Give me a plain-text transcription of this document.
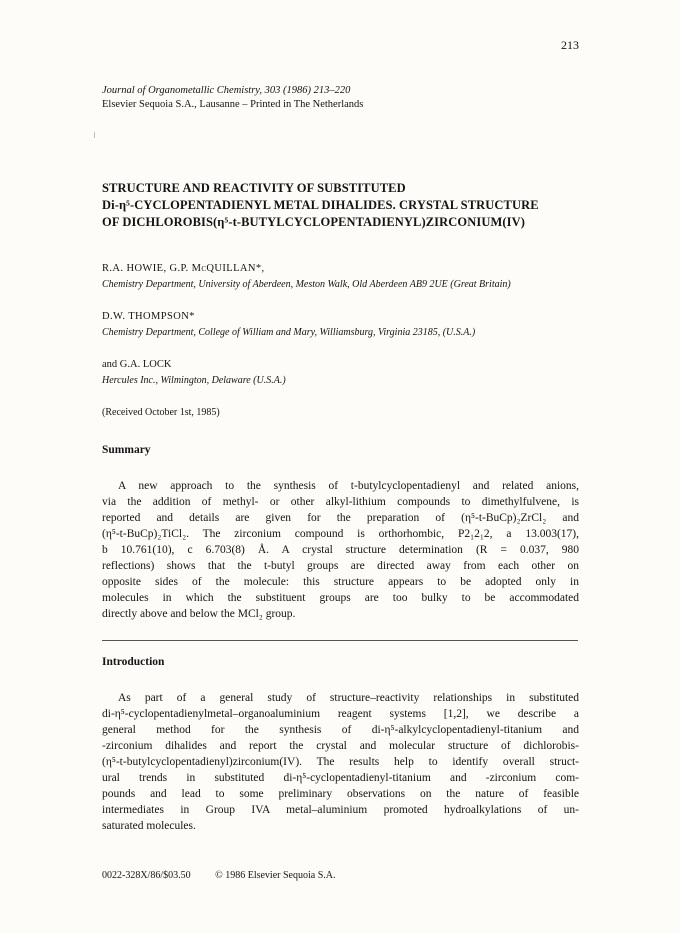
213
Journal of Organometallic Chemistry, 303 (1986) 213–220
Elsevier Sequoia S.A., Lausanne – Printed in The Netherlands
STRUCTURE AND REACTIVITY OF SUBSTITUTED
Di-η⁵-CYCLOPENTADIENYL METAL DIHALIDES. CRYSTAL STRUCTURE
OF DICHLOROBIS(η⁵-t-BUTYLCYCLOPENTADIENYL)ZIRCONIUM(IV)
R.A. HOWIE, G.P. McQUILLAN*,
Chemistry Department, University of Aberdeen, Meston Walk, Old Aberdeen AB9 2UE (Great Britain)
D.W. THOMPSON*
Chemistry Department, College of William and Mary, Williamsburg, Virginia 23185, (U.S.A.)
and G.A. LOCK
Hercules Inc., Wilmington, Delaware (U.S.A.)
(Received October 1st, 1985)
Summary
A new approach to the synthesis of t-butylcyclopentadienyl and related anions,
via the addition of methyl- or other alkyl-lithium compounds to dimethylfulvene, is
reported and details are given for the preparation of (η⁵-t-BuCp)₂ZrCl₂ and
(η⁵-t-BuCp)₂TiCl₂. The zirconium compound is orthorhombic, P2₁2₁2, a 13.003(17),
b 10.761(10), c 6.703(8) Å. A crystal structure determination (R = 0.037, 980
reflections) shows that the t-butyl groups are directed away from each other on
opposite sides of the molecule: this structure appears to be adopted only in
molecules in which the substituent groups are too bulky to be accommodated
directly above and below the MCl₂ group.
Introduction
As part of a general study of structure–reactivity relationships in substituted
di-η⁵-cyclopentadienylmetal–organoaluminium reagent systems [1,2], we describe a
general method for the synthesis of di-η⁵-alkylcyclopentadienyl-titanium and
-zirconium dihalides and report the crystal and molecular structure of dichlorobis-
(η⁵-t-butylcyclopentadienyl)zirconium(IV). The results help to identify overall struct-
ural trends in substituted di-η⁵-cyclopentadienyl-titanium and -zirconium com-
pounds and lead to some preliminary observations on the nature of feasible
intermediates in Group IVA metal–aluminium promoted hydroalkylations of un-
saturated molecules.
0022-328X/86/$03.50 © 1986 Elsevier Sequoia S.A.
